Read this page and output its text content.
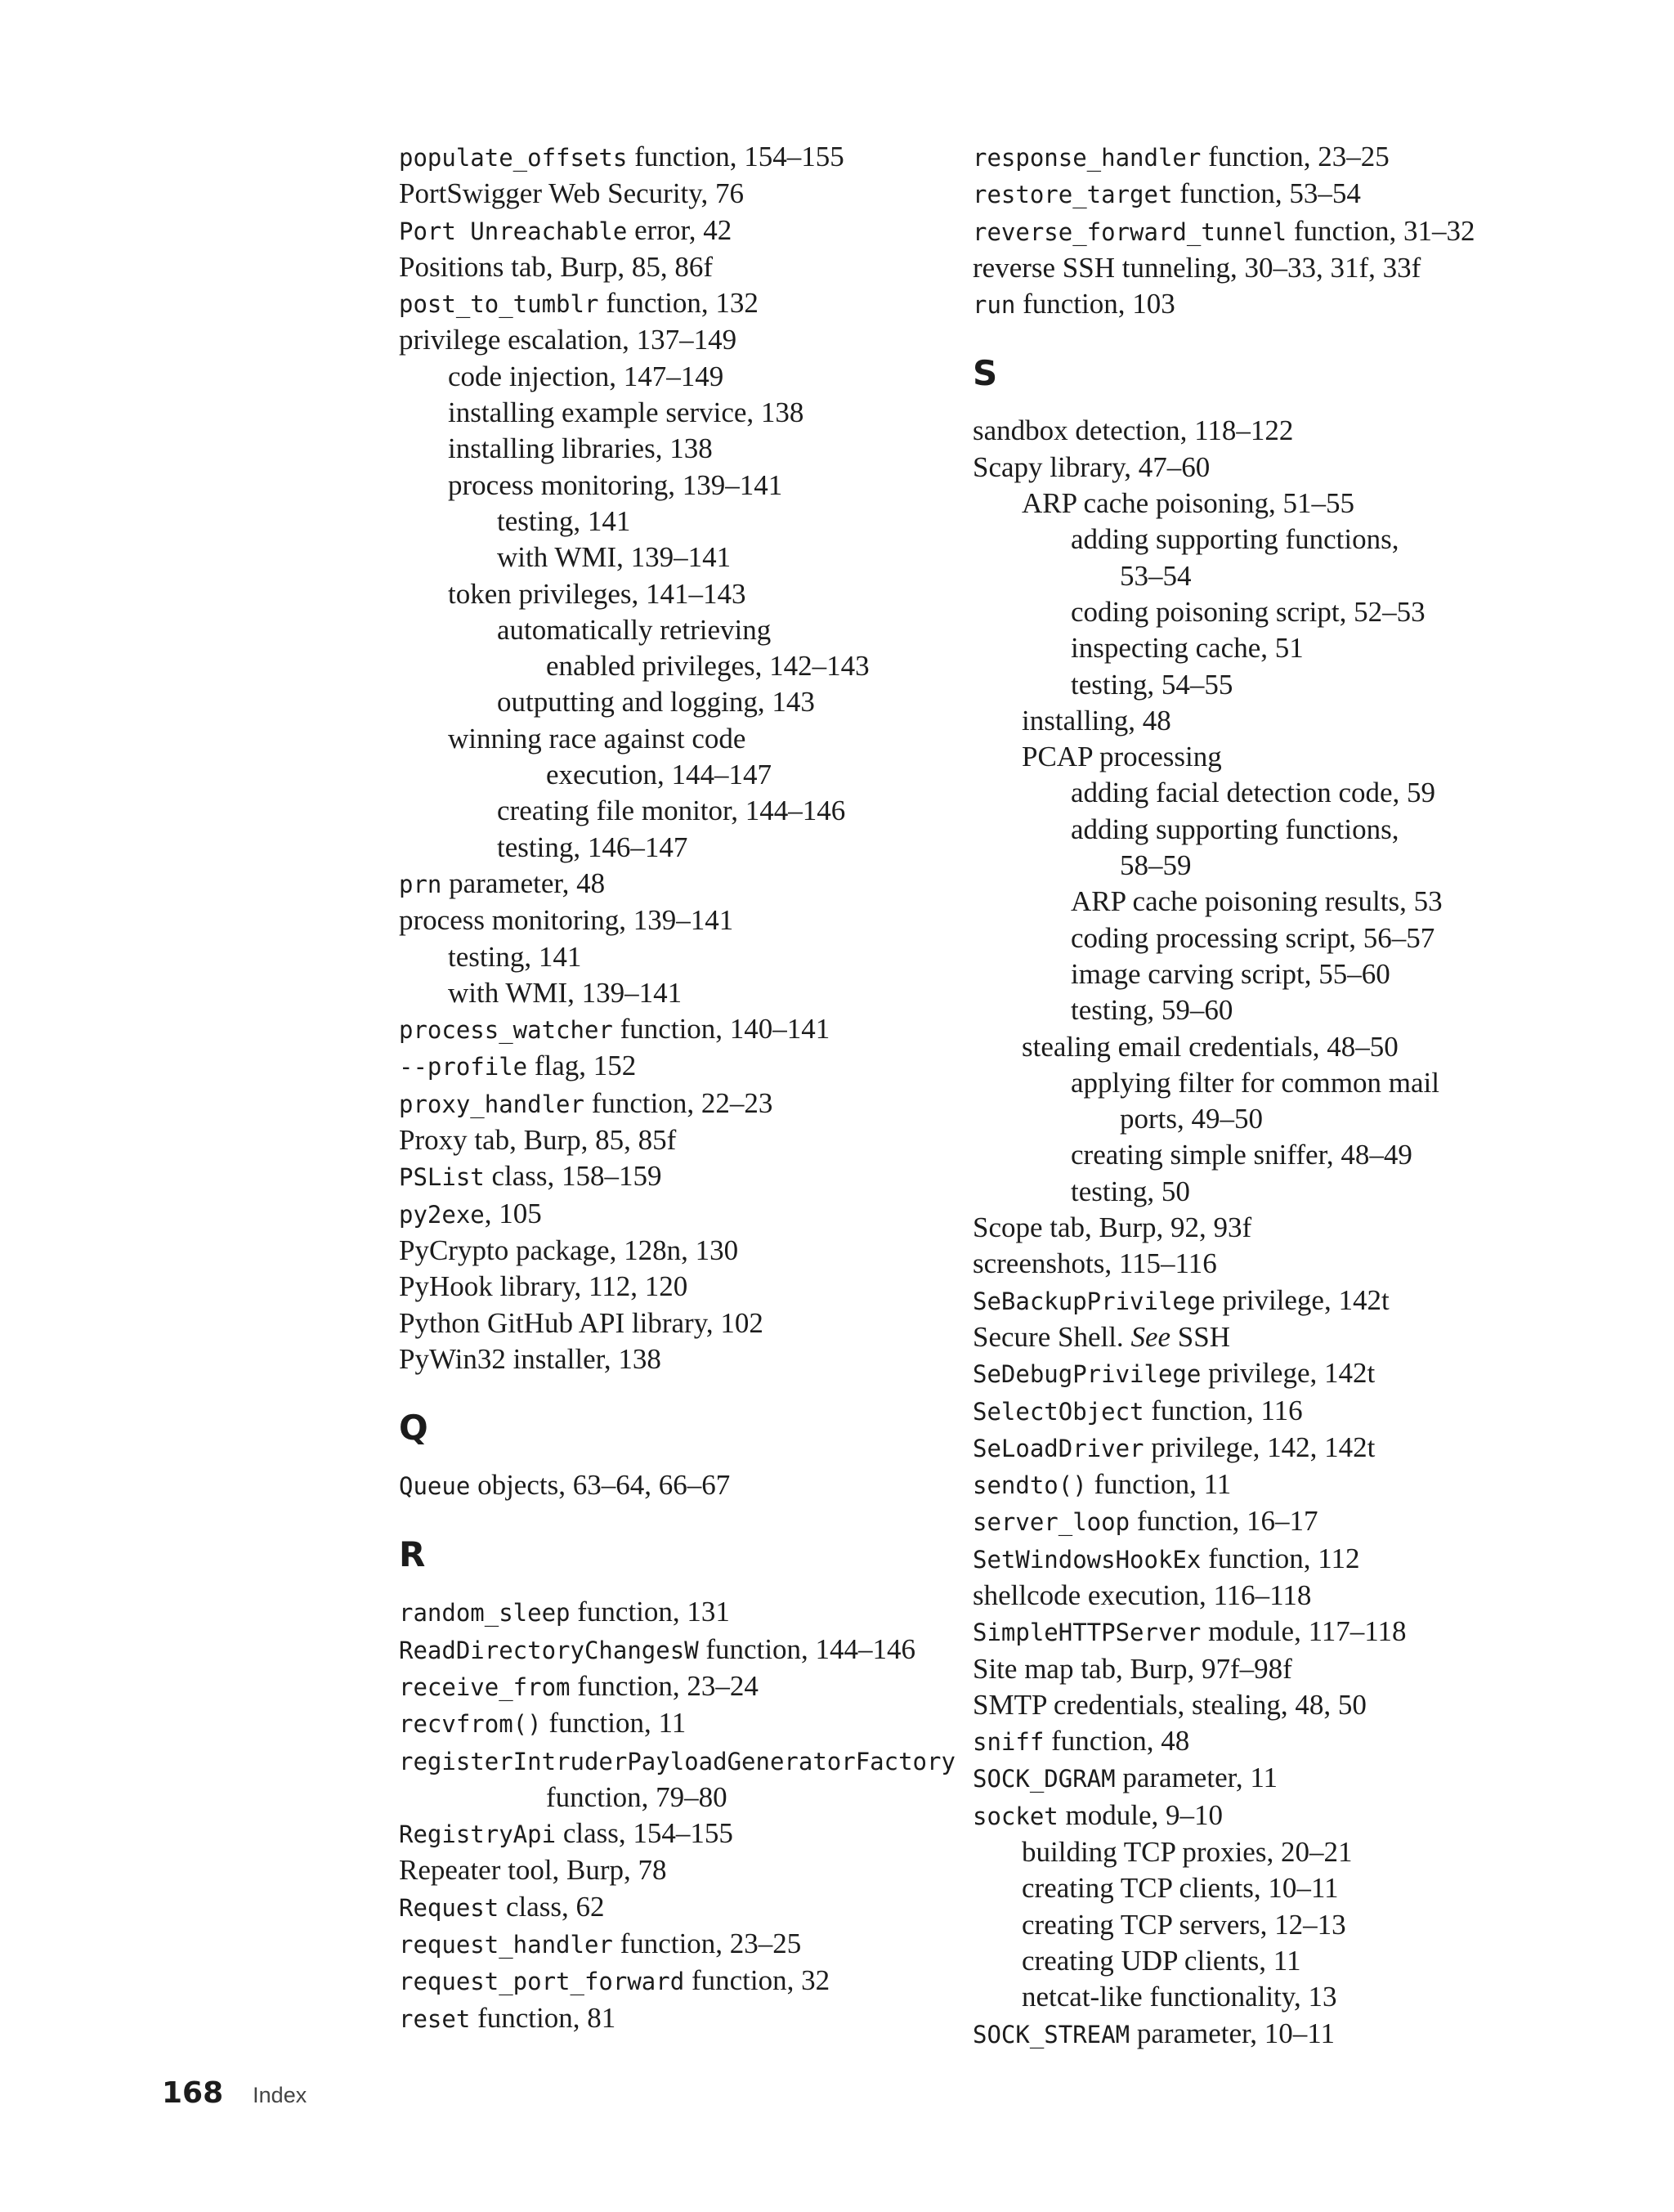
populate_offsets function, 154–155
PortSwigger Web Security, 76
Port Unreachable error, 42
Positions tab, Burp, 85, 86f
post_to_tumblr function, 132
privilege escalation, 137–149
code injection, 147–149
installing example service, 138
installing libraries, 138
process monitoring, 139–141
testing, 141
with WMI, 139–141
token privileges, 141–143
automatically retrieving
enabled privileges, 142–143
outputting and logging, 143
winning race against code
execution, 144–147
creating file monitor, 144–146
testing, 146–147
prn parameter, 48
process monitoring, 139–141
testing, 141
with WMI, 139–141
process_watcher function, 140–141
--profile flag, 152
proxy_handler function, 22–23
Proxy tab, Burp, 85, 85f
PSList class, 158–159
py2exe, 105
PyCrypto package, 128n, 130
PyHook library, 112, 120
Python GitHub API library, 102
PyWin32 installer, 138
Q
Queue objects, 63–64, 66–67
R
random_sleep function, 131
ReadDirectoryChangesW function, 144–146
receive_from function, 23–24
recvfrom() function, 11
registerIntruderPayloadGeneratorFactory
function, 79–80
RegistryApi class, 154–155
Repeater tool, Burp, 78
Request class, 62
request_handler function, 23–25
request_port_forward function, 32
reset function, 81
response_handler function, 23–25
restore_target function, 53–54
reverse_forward_tunnel function, 31–32
reverse SSH tunneling, 30–33, 31f, 33f
run function, 103
S
sandbox detection, 118–122
Scapy library, 47–60
ARP cache poisoning, 51–55
adding supporting functions,
53–54
coding poisoning script, 52–53
inspecting cache, 51
testing, 54–55
installing, 48
PCAP processing
adding facial detection code, 59
adding supporting functions,
58–59
ARP cache poisoning results, 53
coding processing script, 56–57
image carving script, 55–60
testing, 59–60
stealing email credentials, 48–50
applying filter for common mail
ports, 49–50
creating simple sniffer, 48–49
testing, 50
Scope tab, Burp, 92, 93f
screenshots, 115–116
SeBackupPrivilege privilege, 142t
Secure Shell. See SSH
SeDebugPrivilege privilege, 142t
SelectObject function, 116
SeLoadDriver privilege, 142, 142t
sendto() function, 11
server_loop function, 16–17
SetWindowsHookEx function, 112
shellcode execution, 116–118
SimpleHTTPServer module, 117–118
Site map tab, Burp, 97f–98f
SMTP credentials, stealing, 48, 50
sniff function, 48
SOCK_DGRAM parameter, 11
socket module, 9–10
building TCP proxies, 20–21
creating TCP clients, 10–11
creating TCP servers, 12–13
creating UDP clients, 11
netcat-like functionality, 13
SOCK_STREAM parameter, 10–11
168 Index
